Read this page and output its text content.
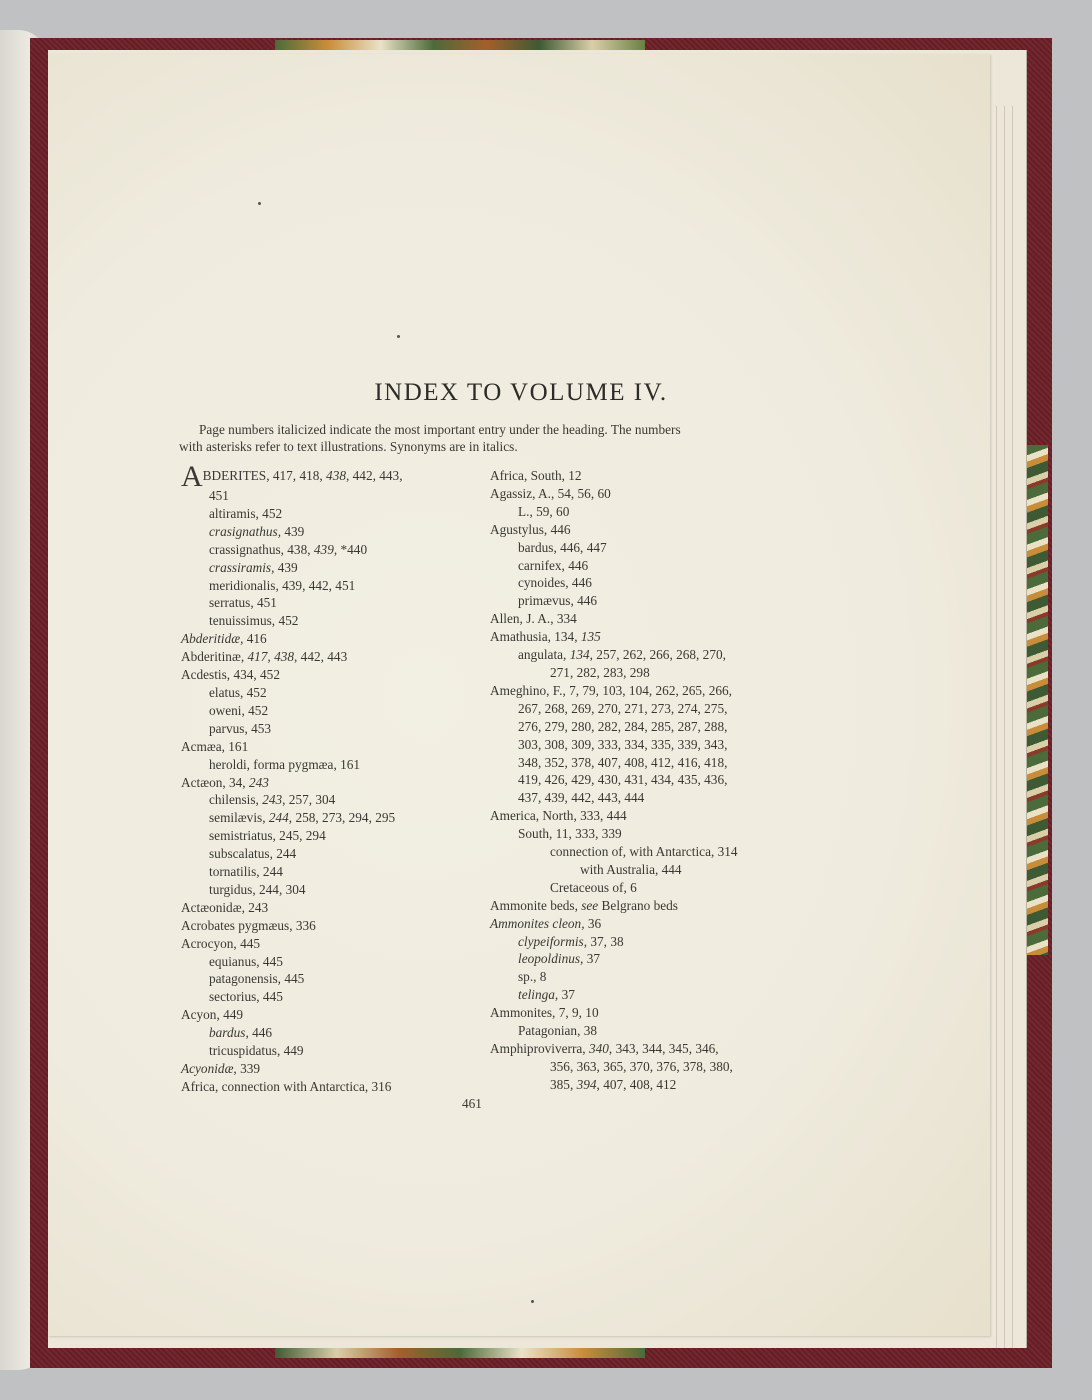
INDEX TO VOLUME IV.

Page numbers italicized indicate the most important entry under the heading. The numbers
with asterisks refer to text illustrations. Synonyms are in italics.

ABDERITES, 417, 418, 438, 442, 443,
451
altiramis, 452
crasignathus, 439
crassignathus, 438, 439, *440
crassiramis, 439
meridionalis, 439, 442, 451
serratus, 451
tenuissimus, 452
Abderitidæ, 416
Abderitinæ, 417, 438, 442, 443
Acdestis, 434, 452
elatus, 452
oweni, 452
parvus, 453
Acmæa, 161
heroldi, forma pygmæa, 161
Actæon, 34, 243
chilensis, 243, 257, 304
semilævis, 244, 258, 273, 294, 295
semistriatus, 245, 294
subscalatus, 244
tornatilis, 244
turgidus, 244, 304
Actæonidæ, 243
Acrobates pygmæus, 336
Acrocyon, 445
equianus, 445
patagonensis, 445
sectorius, 445
Acyon, 449
bardus, 446
tricuspidatus, 449
Acyonidæ, 339
Africa, connection with Antarctica, 316
Africa, South, 12
Agassiz, A., 54, 56, 60
L., 59, 60
Agustylus, 446
bardus, 446, 447
carnifex, 446
cynoides, 446
primævus, 446
Allen, J. A., 334
Amathusia, 134, 135
angulata, 134, 257, 262, 266, 268, 270,
271, 282, 283, 298
Ameghino, F., 7, 79, 103, 104, 262, 265, 266,
267, 268, 269, 270, 271, 273, 274, 275,
276, 279, 280, 282, 284, 285, 287, 288,
303, 308, 309, 333, 334, 335, 339, 343,
348, 352, 378, 407, 408, 412, 416, 418,
419, 426, 429, 430, 431, 434, 435, 436,
437, 439, 442, 443, 444
America, North, 333, 444
South, 11, 333, 339
connection of, with Antarctica, 314
with Australia, 444
Cretaceous of, 6
Ammonite beds, see Belgrano beds
Ammonites cleon, 36
clypeiformis, 37, 38
leopoldinus, 37
sp., 8
telinga, 37
Ammonites, 7, 9, 10
Patagonian, 38
Amphiproviverra, 340, 343, 344, 345, 346,
356, 363, 365, 370, 376, 378, 380,
385, 394, 407, 408, 412
461
